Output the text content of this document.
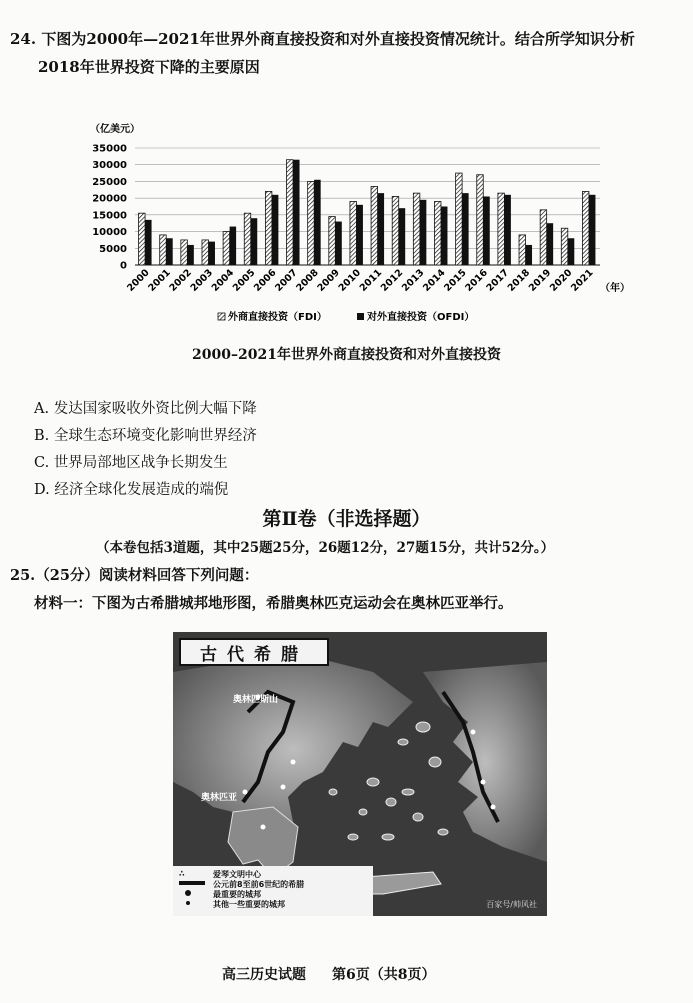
24. 下图为2000年—2021年世界外商直接投资和对外直接投资情况统计。结合所学知识分析
2018年世界投资下降的主要原因
（亿美元）
0
5000
10000
15000
20000
25000
30000
35000
2000
2001
2002
2003
2004
2005
2006
2007
2008
2009
2010
2011
2012
2013
2014
2015
2016
2017
2018
2019
2020
2021 （年）
外商直接投资（FDI）	对外直接投资（OFDI）
2000–2021年世界外商直接投资和对外直接投资
A. 发达国家吸收外资比例大幅下降
B. 全球生态环境变化影响世界经济
C. 世界局部地区战争长期发生
D. 经济全球化发展造成的端倪
第Ⅱ卷（非选择题）
（本卷包括3道题，其中25题25分，26题12分，27题15分，共计52分。）
25.（25分）阅读材料回答下列问题：
材料一：下图为古希腊城邦地形图，希腊奥林匹克运动会在奥林匹亚举行。
古代希腊
奥林匹斯山
奥林匹亚
∴	爱琴文明中心
公元前8至前6世纪的希腊
最重要的城邦
其他一些重要的城邦	百家号/帅风社
高三历史试题 第6页（共8页）
